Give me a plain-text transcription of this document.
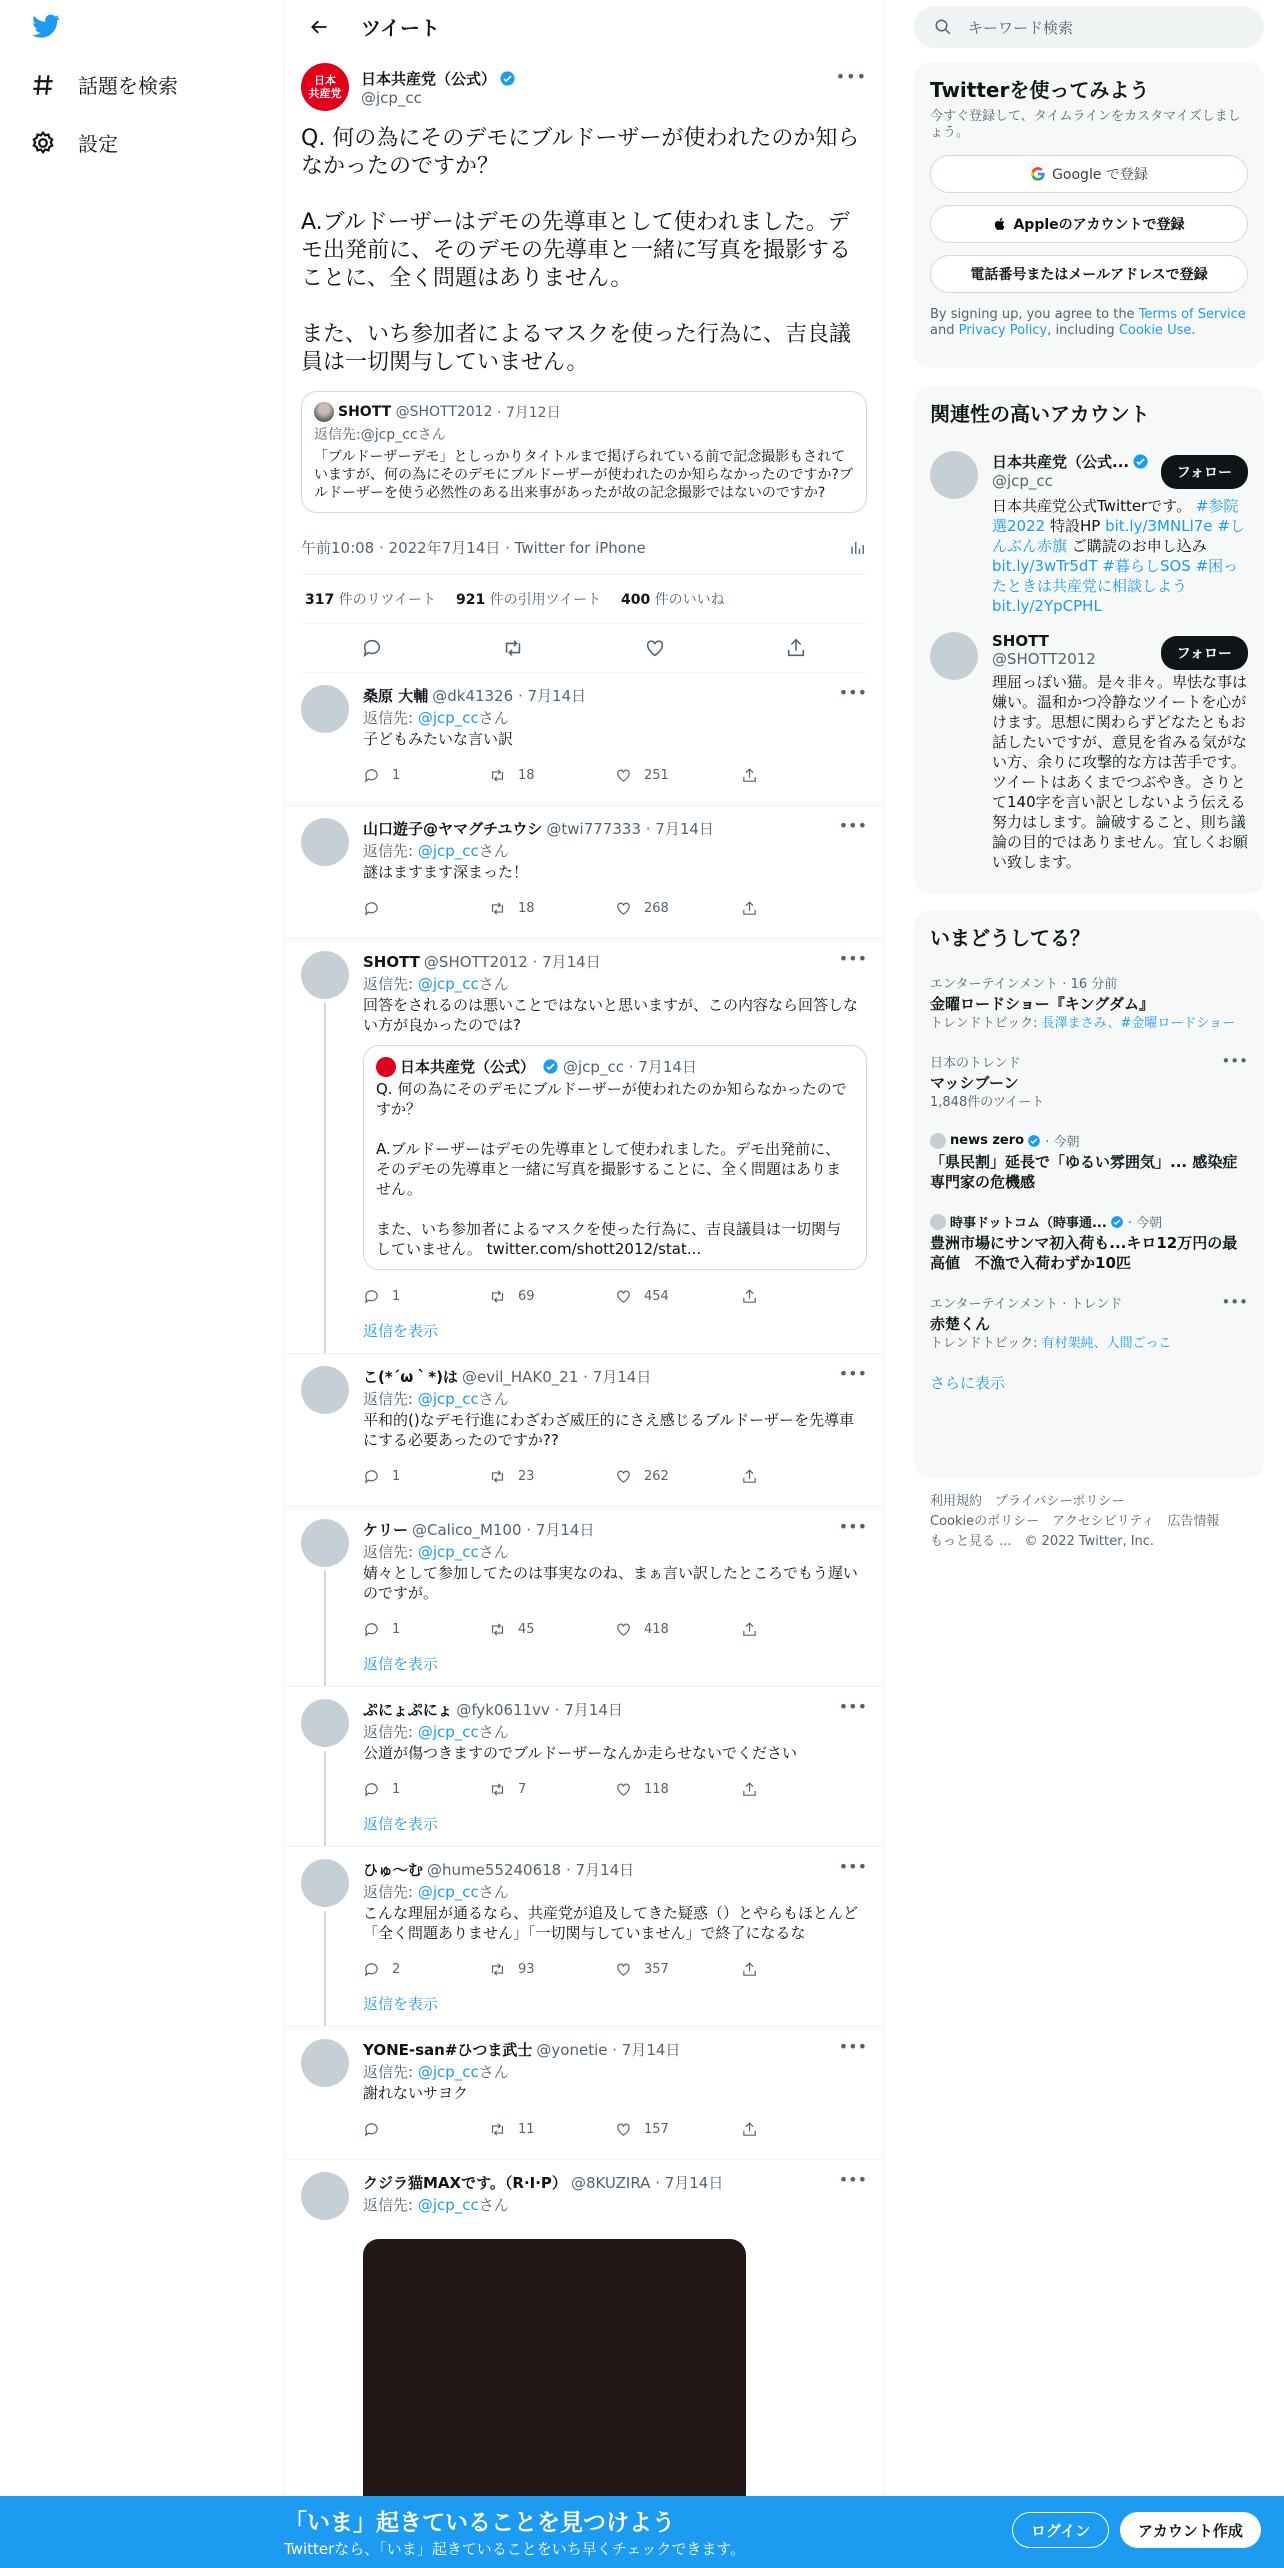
話題を検索
設定
ツイート
日本
共産党
日本共産党（公式）
@jcp_cc
•••
Q. 何の為にそのデモにブルドーザーが使われたのか知らなかったのですか？

A.ブルドーザーはデモの先導車として使われました。デモ出発前に、そのデモの先導車と一緒に写真を撮影することに、全く問題はありません。

また、いち参加者によるマスクを使った行為に、吉良議員は一切関与していません。
SHOTT
@SHOTT2012
· 7月12日
返信先: @jcp_ccさん
「ブルドーザーデモ」としっかりタイトルまで掲げられている前で記念撮影もされていますが、何の為にそのデモにブルドーザーが使われたのか知らなかったのですか?ブルドーザーを使う必然性のある出来事があったが故の記念撮影ではないのですか?
午前10:08 · 2022年7月14日 · Twitter for iPhone
317 件のリツイート 921 件の引用ツイート 400 件のいいね
•••
桑原 大輔 @dk41326
· 7月14日
返信先: @jcp_ccさん
子どもみたいな言い訳
1	18	251
•••
山口遊子@ヤマグチユウシ @twi777333
· 7月14日
返信先: @jcp_ccさん
謎はますます深まった！
18	268
•••
SHOTT @SHOTT2012
· 7月14日
返信先: @jcp_ccさん
回答をされるのは悪いことではないと思いますが、この内容なら回答しない方が良かったのでは?
日本共産党（公式） @jcp_cc
· 7月14日
Q. 何の為にそのデモにブルドーザーが使われたのか知らなかったのですか？

A.ブルドーザーはデモの先導車として使われました。デモ出発前に、そのデモの先導車と一緒に写真を撮影することに、全く問題はありません。

また、いち参加者によるマスクを使った行為に、吉良議員は一切関与していません。 twitter.com/shott2012/stat...
1	69	454
返信を表示
•••
こ(*´ω｀*)は @evil_HAK0_21
· 7月14日
返信先: @jcp_ccさん
平和的()なデモ行進にわざわざ威圧的にさえ感じるブルドーザーを先導車にする必要あったのですか??
1	23	262
•••
ケリー @Calico_M100
· 7月14日
返信先: @jcp_ccさん
婧々として参加してたのは事実なのね、まぁ言い訳したところでもう遅いのですが。
1	45	418
返信を表示
•••
ぷにょぷにょ @fyk0611vv
· 7月14日
返信先: @jcp_ccさん
公道が傷つきますのでブルドーザーなんか走らせないでください
1	7	118
返信を表示
•••
ひゅ～む @hume55240618
· 7月14日
返信先: @jcp_ccさん
こんな理屈が通るなら、共産党が追及してきた疑惑（）とやらもほとんど「全く問題ありません」「一切関与していません」で終了になるな
2	93	357
返信を表示
•••
YONE-san#ひつま武士 @yonetie
· 7月14日
返信先: @jcp_ccさん
謝れないサヨク
11	157
•••
クジラ猫MAXです。（R·I·P） @8KUZIRA
· 7月14日
返信先: @jcp_ccさん
キーワード検索
Twitterを使ってみよう
今すぐ登録して、タイムラインをカスタマイズしましょう。
Google で登録
Appleのアカウントで登録
電話番号またはメールアドレスで登録
By signing up, you agree to the Terms of Service and Privacy Policy, including Cookie Use.
関連性の高いアカウント
日本共産党（公式...
@jcp_cc
日本共産党公式Twitterです。 #参院選2022 特設HP bit.ly/3MNLl7e #しんぶん赤旗 ご購読のお申し込み bit.ly/3wTr5dT #暮らしSOS #困ったときは共産党に相談しよう bit.ly/2YpCPHL
フォロー
SHOTT
@SHOTT2012
理屈っぽい猫。是々非々。卑怯な事は嫌い。温和かつ冷静なツイートを心がけます。思想に関わらずどなたともお話したいですが、意見を省みる気がない方、余りに攻撃的な方は苦手です。ツイートはあくまでつぶやき。さりとて140字を言い訳としないよう伝える努力はします。論破すること、則ち議論の目的ではありません。宜しくお願い致します。
フォロー
いまどうしてる？
エンターテインメント · 16 分前
金曜ロードショー『キングダム』
トレンドトピック: 長澤まさみ、#金曜ロードショー
日本のトレンド
マッシブーン
1,848件のツイート
•••
news zero
· 今朝
「県民割」延長で「ゆるい雰囲気」... 感染症専門家の危機感
時事ドットコム（時事通...
· 今朝
豊洲市場にサンマ初入荷も...キロ12万円の最高値　不漁で入荷わずか10匹
エンターテインメント · トレンド
赤楚くん
トレンドトピック: 有村架純、人間ごっこ
•••
さらに表示
利用規約　プライバシーポリシー
Cookieのポリシー　アクセシビリティ　広告情報
もっと見る ...　© 2022 Twitter, Inc.
「いま」起きていることを見つけよう
Twitterなら、「いま」起きていることをいち早くチェックできます。
ログイン	アカウント作成
